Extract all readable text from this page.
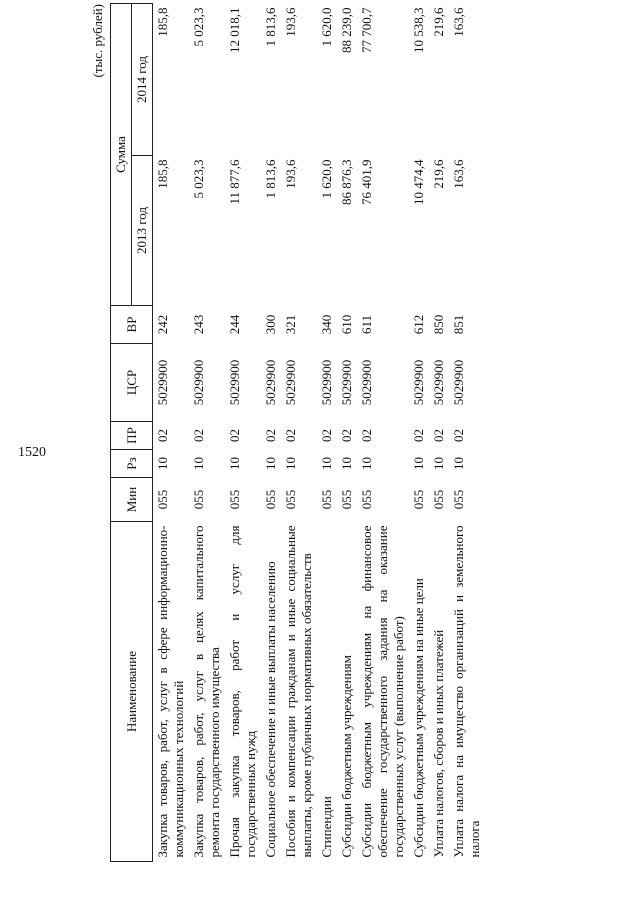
1520
(тыс. рублей)
Наименование	Мин	Рз	ПР	ЦСР	ВР	Сумма	
						2013 год	2014 год
Закупка товаров, работ, услуг в сфере информационно-коммуникационных технологий	055	10	02	5029900	242	185,8	185,8
Закупка товаров, работ, услуг в целях капитального ремонта государственного имущества	055	10	02	5029900	243	5 023,3	5 023,3
Прочая закупка товаров, работ и услуг для государственных нужд	055	10	02	5029900	244	11 877,6	12 018,1
Социальное обеспечение и иные выплаты населению	055	10	02	5029900	300	1 813,6	1 813,6
Пособия и компенсации гражданам и иные социальные выплаты, кроме публичных нормативных обязательств	055	10	02	5029900	321	193,6	193,6
Стипендии	055	10	02	5029900	340	1 620,0	1 620,0
Субсидии бюджетным учреждениям	055	10	02	5029900	610	86 876,3	88 239,0
Субсидии бюджетным учреждениям на финансовое обеспечение государственного задания на оказание государственных услуг (выполнение работ)	055	10	02	5029900	611	76 401,9	77 700,7
Субсидии бюджетным учреждениям на иные цели	055	10	02	5029900	612	10 474,4	10 538,3
Уплата налогов, сборов и иных платежей	055	10	02	5029900	850	219,6	219,6
Уплата налога на имущество организаций и земельного налога	055	10	02	5029900	851	163,6	163,6
